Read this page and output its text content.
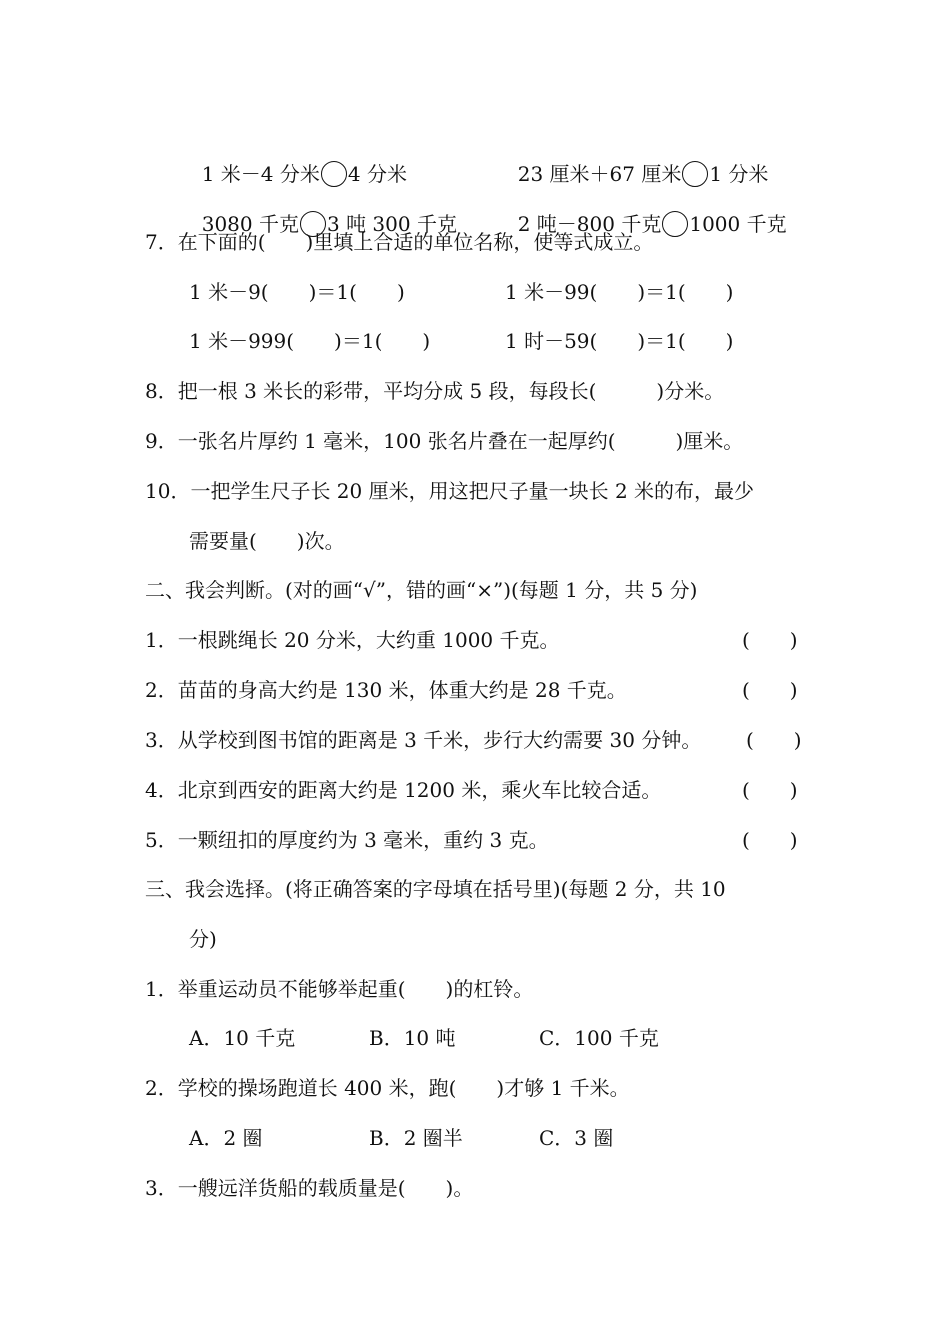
1 米－4 分米 4 分米	23 厘米＋67 厘米 1 分米

3080 千克 3 吨 300 千克	2 吨－800 千克 1000 千克

7．在下面的(　　)里填上合适的单位名称，使等式成立。
1 米－9(　　)＝1(　　)	1 米－99(　　)＝1(　　)
1 米－999(　　)＝1(　　)	1 时－59(　　)＝1(　　)
8．把一根 3 米长的彩带，平均分成 5 段，每段长(　　　)分米。
9．一张名片厚约 1 毫米，100 张名片叠在一起厚约(　　　)厘米。
10．一把学生尺子长 20 厘米，用这把尺子量一块长 2 米的布，最少
需要量(　　)次。
二、我会判断。(对的画“√”，错的画“×”)(每题 1 分，共 5 分)
1．一根跳绳长 20 分米，大约重 1000 千克。	(　　)
2．苗苗的身高大约是 130 米，体重大约是 28 千克。	(　　)
3．从学校到图书馆的距离是 3 千米，步行大约需要 30 分钟。 (　　)
4．北京到西安的距离大约是 1200 米，乘火车比较合适。	(　　)
5．一颗纽扣的厚度约为 3 毫米，重约 3 克。	(　　)
三、我会选择。(将正确答案的字母填在括号里)(每题 2 分，共 10
分)
1．举重运动员不能够举起重(　　)的杠铃。
A．10 千克	B．10 吨	C．100 千克
2．学校的操场跑道长 400 米，跑(　　)才够 1 千米。
A．2 圈	B．2 圈半	C．3 圈
3．一艘远洋货船的载质量是(　　)。
